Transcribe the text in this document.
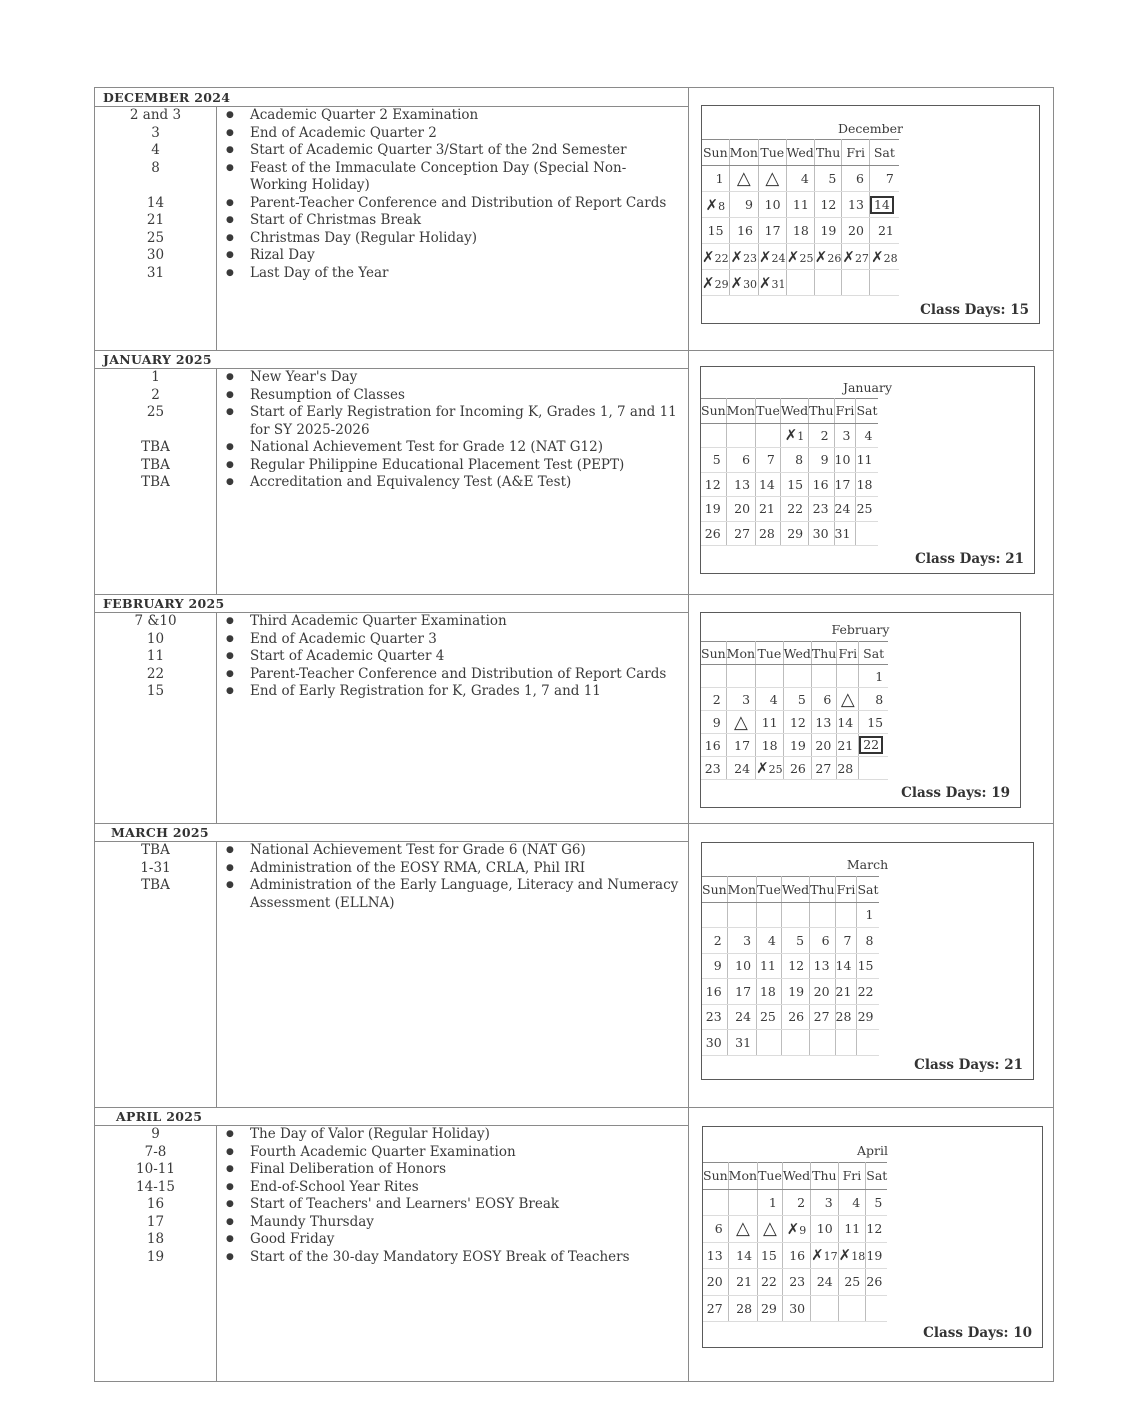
DECEMBER 2024
2 and 3	● Academic Quarter 2 Examination
3	● End of Academic Quarter 2
4	● Start of Academic Quarter 3/Start of the 2nd Semester
8	● Feast of the Immaculate Conception Day (Special Non-Working Holiday)
14	● Parent-Teacher Conference and Distribution of Report Cards
21	● Start of Christmas Break
25	● Christmas Day (Regular Holiday)
30	● Rizal Day
31	● Last Day of the Year
December
Sun	Mon	Tue	Wed	Thu	Fri	Sat
1	△	△	4	5	6	7
✗8	9	10	11	12	13	14
15	16	17	18	19	20	21
✗22	✗23	✗24	✗25	✗26	✗27	✗28
✗29	✗30	✗31				
Class Days: 15
JANUARY 2025
1	● New Year's Day
2	● Resumption of Classes
25	● Start of Early Registration for Incoming K, Grades 1, 7 and 11 for SY 2025-2026
TBA	● National Achievement Test for Grade 12 (NAT G12)
TBA	● Regular Philippine Educational Placement Test (PEPT)
TBA	● Accreditation and Equivalency Test (A&E Test)
January
Sun	Mon	Tue	Wed	Thu	Fri	Sat
			✗1	2	3	4
5	6	7	8	9	10	11
12	13	14	15	16	17	18
19	20	21	22	23	24	25
26	27	28	29	30	31	
Class Days: 21
FEBRUARY 2025
7 &10	● Third Academic Quarter Examination
10	● End of Academic Quarter 3
11	● Start of Academic Quarter 4
22	● Parent-Teacher Conference and Distribution of Report Cards
15	● End of Early Registration for K, Grades 1, 7 and 11
February
Sun	Mon	Tue	Wed	Thu	Fri	Sat
						1
2	3	4	5	6	△	8
9	△	11	12	13	14	15
16	17	18	19	20	21	22
23	24	✗25	26	27	28	
Class Days: 19
MARCH 2025
TBA	● National Achievement Test for Grade 6 (NAT G6)
1-31	● Administration of the EOSY RMA, CRLA, Phil IRI
TBA	● Administration of the Early Language, Literacy and Numeracy Assessment (ELLNA)
March
Sun	Mon	Tue	Wed	Thu	Fri	Sat
						1
2	3	4	5	6	7	8
9	10	11	12	13	14	15
16	17	18	19	20	21	22
23	24	25	26	27	28	29
30	31					
Class Days: 21
APRIL 2025
9	● The Day of Valor (Regular Holiday)
7-8	● Fourth Academic Quarter Examination
10-11	● Final Deliberation of Honors
14-15	● End-of-School Year Rites
16	● Start of Teachers' and Learners' EOSY Break
17	● Maundy Thursday
18	● Good Friday
19	● Start of the 30-day Mandatory EOSY Break of Teachers
April
Sun	Mon	Tue	Wed	Thu	Fri	Sat
		1	2	3	4	5
6	△	△	✗9	10	11	12
13	14	15	16	✗17	✗18	19
20	21	22	23	24	25	26
27	28	29	30			
Class Days: 10
